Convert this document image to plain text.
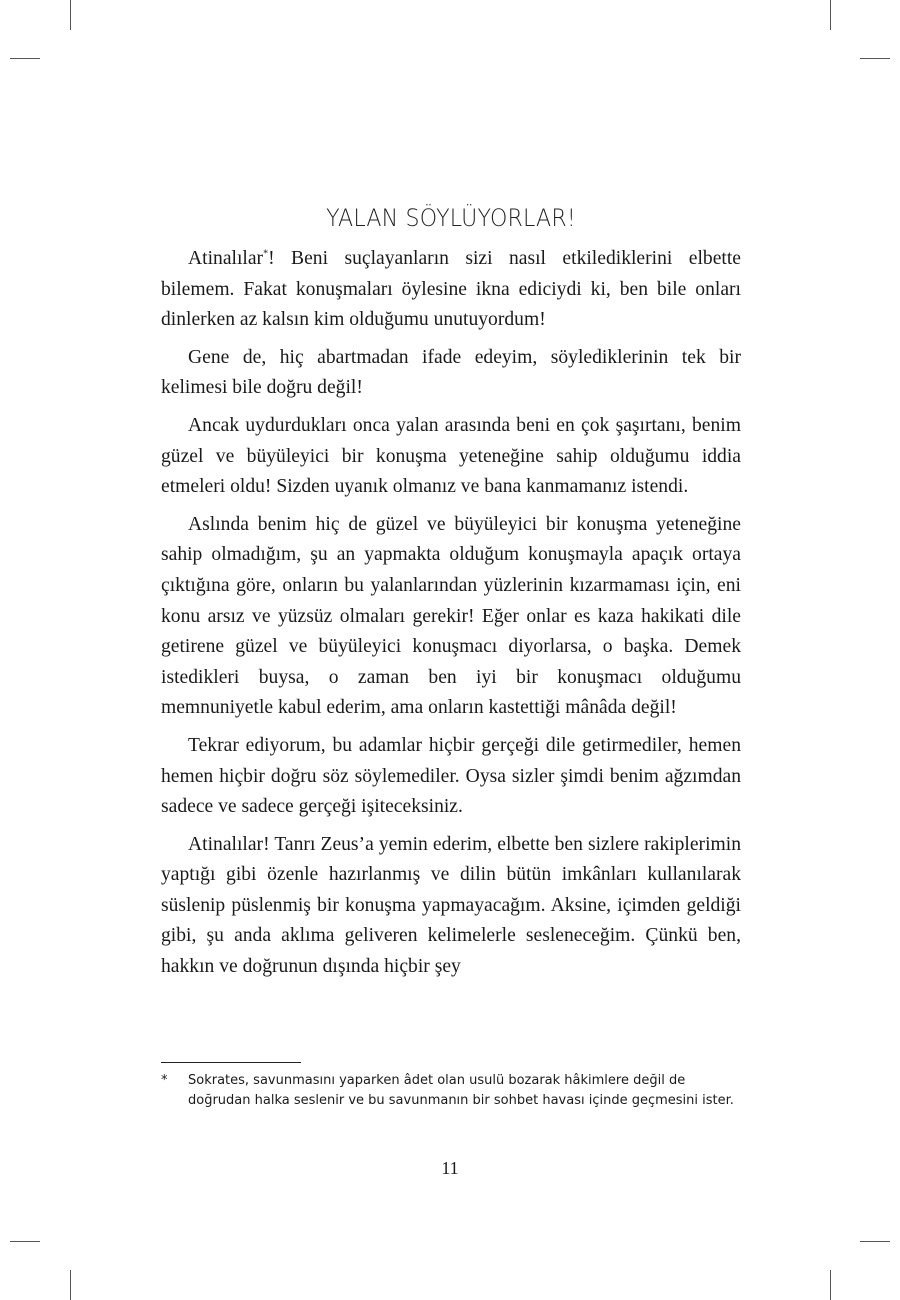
YALAN SÖYLÜYORLAR!

Atinalılar*! Beni suçlayanların sizi nasıl etkilediklerini elbette bilemem. Fakat konuşmaları öylesine ikna ediciydi ki, ben bile onları dinlerken az kalsın kim olduğumu unutuyordum!

Gene de, hiç abartmadan ifade edeyim, söylediklerinin tek bir kelimesi bile doğru değil!

Ancak uydurdukları onca yalan arasında beni en çok şaşırtanı, benim güzel ve büyüleyici bir konuşma yeteneğine sahip olduğumu iddia etmeleri oldu! Sizden uyanık olmanız ve bana kanmamanız istendi.

Aslında benim hiç de güzel ve büyüleyici bir konuşma yeteneğine sahip olmadığım, şu an yapmakta olduğum konuşmayla apaçık ortaya çıktığına göre, onların bu yalanlarından yüzlerinin kızarmaması için, eni konu arsız ve yüzsüz olmaları gerekir! Eğer onlar es kaza hakikati dile getirene güzel ve büyüleyici konuşmacı diyorlarsa, o başka. Demek istedikleri buysa, o zaman ben iyi bir konuşmacı olduğumu memnuniyetle kabul ederim, ama onların kastettiği mânâda değil!

Tekrar ediyorum, bu adamlar hiçbir gerçeği dile getirmediler, hemen hemen hiçbir doğru söz söylemediler. Oysa sizler şimdi benim ağzımdan sadece ve sadece gerçeği işiteceksiniz.

Atinalılar! Tanrı Zeus’a yemin ederim, elbette ben sizlere rakiplerimin yaptığı gibi özenle hazırlanmış ve dilin bütün imkânları kullanılarak süslenip püslenmiş bir konuşma yapmayacağım. Aksine, içimden geldiği gibi, şu anda aklıma geliveren kelimelerle sesleneceğim. Çünkü ben, hakkın ve doğrunun dışında hiçbir şey

*	Sokrates, savunmasını yaparken âdet olan usulü bozarak hâkimlere değil de doğrudan halka seslenir ve bu savunmanın bir sohbet havası içinde geçmesini ister.
11
